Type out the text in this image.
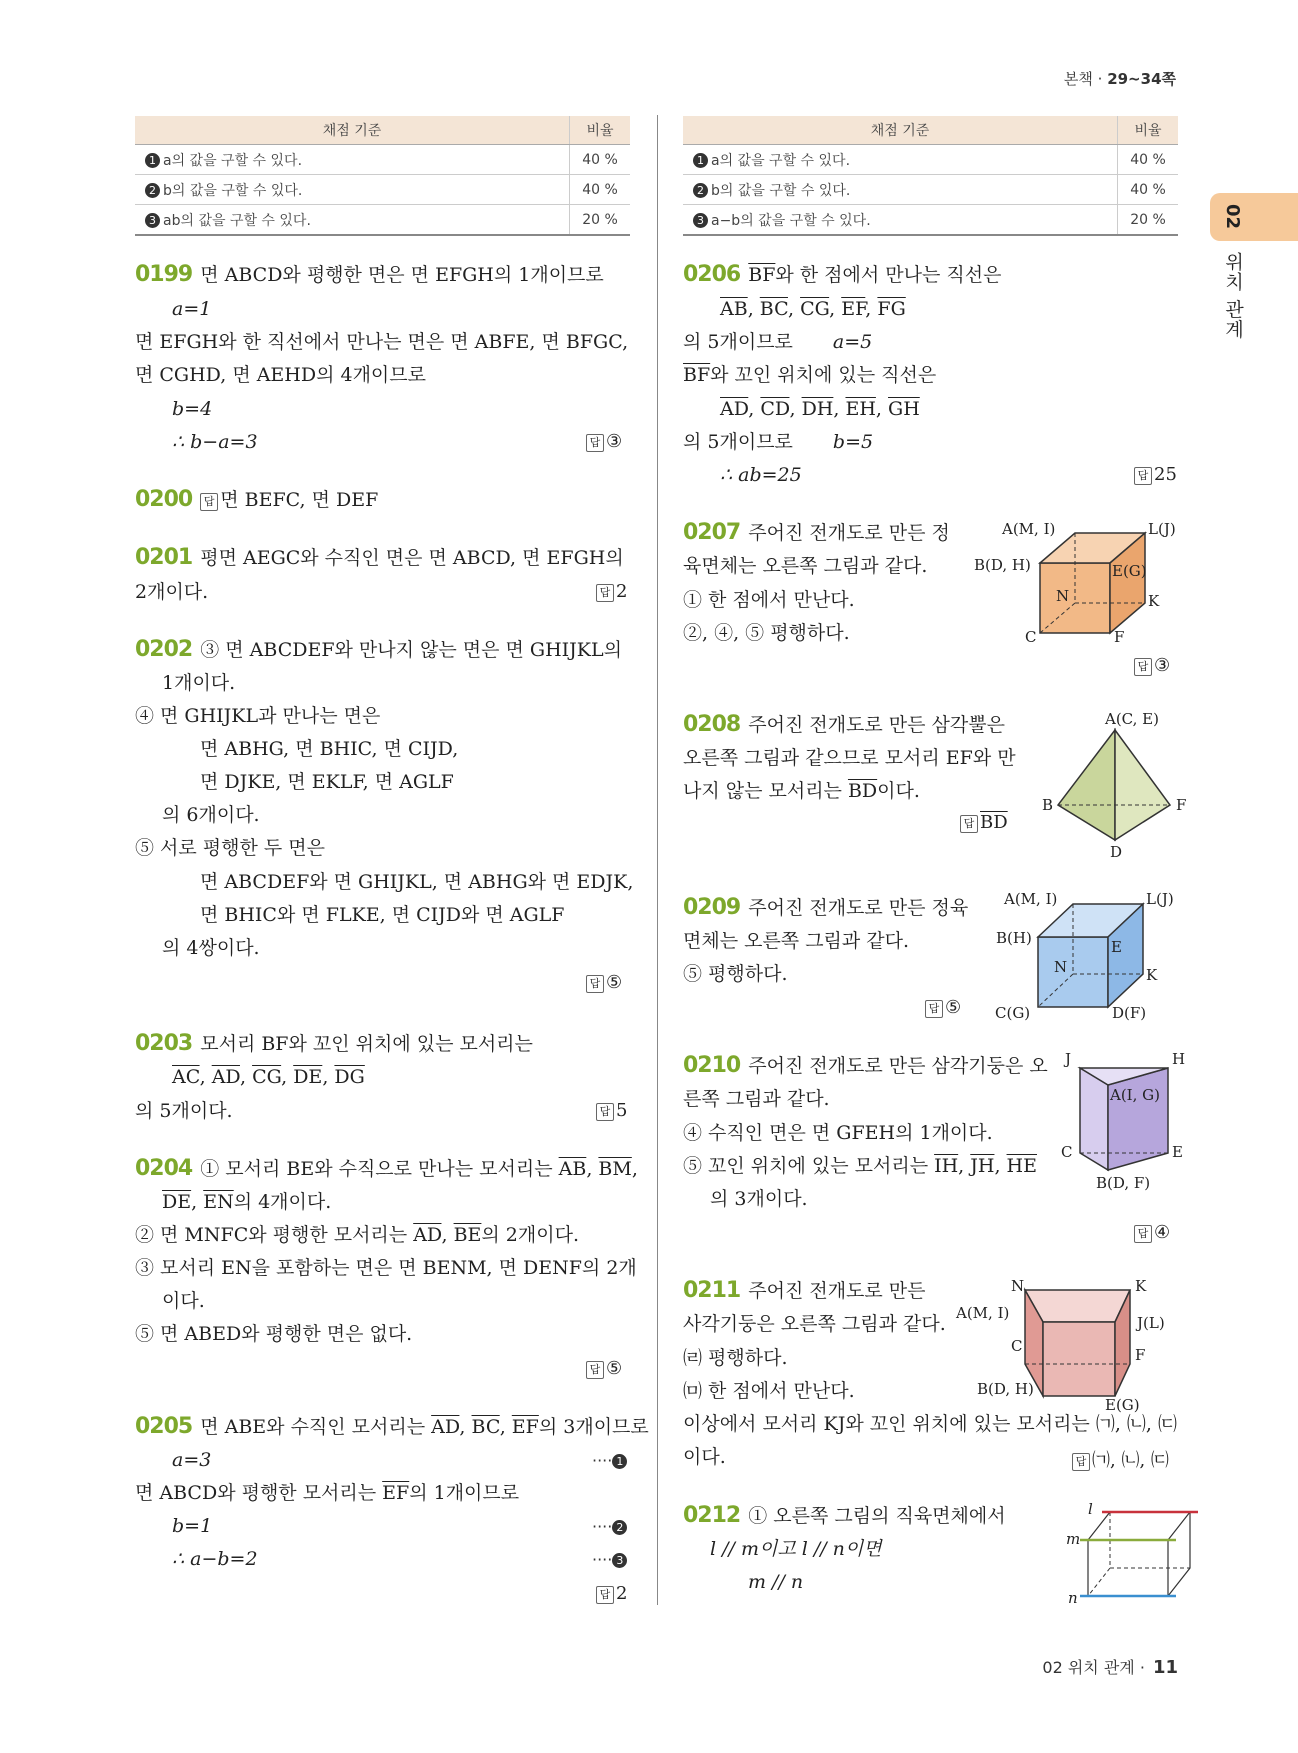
본책 · 29~34쪽
02
위치 관계
채점 기준	비율
1 a의 값을 구할 수 있다.	40 %
2 b의 값을 구할 수 있다.	40 %
3 ab의 값을 구할 수 있다.	20 %
채점 기준	비율
1 a의 값을 구할 수 있다.	40 %
2 b의 값을 구할 수 있다.	40 %
3 a−b의 값을 구할 수 있다.	20 %
0199 면 ABCD와 평행한 면은 면 EFGH의 1개이므로
a=1
면 EFGH와 한 직선에서 만나는 면은 면 ABFE, 면 BFGC,
면 CGHD, 면 AEHD의 4개이므로
b=4
∴ b−a=3	답 ③
0200 답 면 BEFC, 면 DEF
0201 평면 AEGC와 수직인 면은 면 ABCD, 면 EFGH의
2개이다.	답 2
0202 ③ 면 ABCDEF와 만나지 않는 면은 면 GHIJKL의
1개이다.
④ 면 GHIJKL과 만나는 면은
면 ABHG, 면 BHIC, 면 CIJD,
면 DJKE, 면 EKLF, 면 AGLF
의 6개이다.
⑤ 서로 평행한 두 면은
면 ABCDEF와 면 GHIJKL, 면 ABHG와 면 EDJK,
면 BHIC와 면 FLKE, 면 CIJD와 면 AGLF
의 4쌍이다.
답 ⑤
0203 모서리 BF와 꼬인 위치에 있는 모서리는
$\overline{AC}$, $\overline{AD}$, $\overline{CG}$, $\overline{DE}$, $\overline{DG}$
의 5개이다.	답 5
0204 ① 모서리 BE와 수직으로 만나는 모서리는 $\overline{AB}$, $\overline{BM}$,
$\overline{DE}$, $\overline{EN}$의 4개이다.
② 면 MNFC와 평행한 모서리는 $\overline{AD}$, $\overline{BE}$의 2개이다.
③ 모서리 EN을 포함하는 면은 면 BENM, 면 DENF의 2개
이다.
⑤ 면 ABED와 평행한 면은 없다.
답 ⑤
0205 면 ABE와 수직인 모서리는 $\overline{AD}$, $\overline{BC}$, $\overline{EF}$의 3개이므로
a=3	···· 1
면 ABCD와 평행한 모서리는 $\overline{EF}$의 1개이므로
b=1	···· 2
∴ a−b=2	···· 3
답 2
0206 $\overline{BF}$와 한 점에서 만나는 직선은
$\overline{AB}$, $\overline{BC}$, $\overline{CG}$, $\overline{EF}$, $\overline{FG}$
의 5개이므로 a=5
$\overline{BF}$와 꼬인 위치에 있는 직선은
$\overline{AD}$, $\overline{CD}$, $\overline{DH}$, $\overline{EH}$, $\overline{GH}$
의 5개이므로 b=5
∴ ab=25	답 25
0207 주어진 전개도로 만든 정
육면체는 오른쪽 그림과 같다.
① 한 점에서 만난다.
②, ④, ⑤ 평행하다.
A(M, I)	L(J)
B(D, H)	E(G)
N	K
C	F
답 ③
0208 주어진 전개도로 만든 삼각뿔은
오른쪽 그림과 같으므로 모서리 EF와 만
나지 않는 모서리는 $\overline{BD}$이다.
답 $\overline{BD}$
A(C, E)
B	F
D
0209 주어진 전개도로 만든 정육
면체는 오른쪽 그림과 같다.
⑤ 평행하다.
답 ⑤
A(M, I)	L(J)
B(H)	E
N	K
C(G)	D(F)
0210 주어진 전개도로 만든 삼각기둥은 오
른쪽 그림과 같다.
④ 수직인 면은 면 GFEH의 1개이다.
⑤ 꼬인 위치에 있는 모서리는 $\overline{IH}$, $\overline{JH}$, $\overline{HE}$
의 3개이다.
답 ④
J	H
A(I, G)
C	E
B(D, F)
0211 주어진 전개도로 만든
사각기둥은 오른쪽 그림과 같다.
㈃ 평행하다.
㈄ 한 점에서 만난다.
이상에서 모서리 KJ와 꼬인 위치에 있는 모서리는 ㈀, ㈁, ㈂
이다.	답 ㈀, ㈁, ㈂
N	K
A(M, I)
J(L)
C	F
B(D, H)
E(G)
0212 ① 오른쪽 그림의 직육면체에서
l // m이고 l // n이면
m // n
l
m
n
02 위치 관계 · 11
